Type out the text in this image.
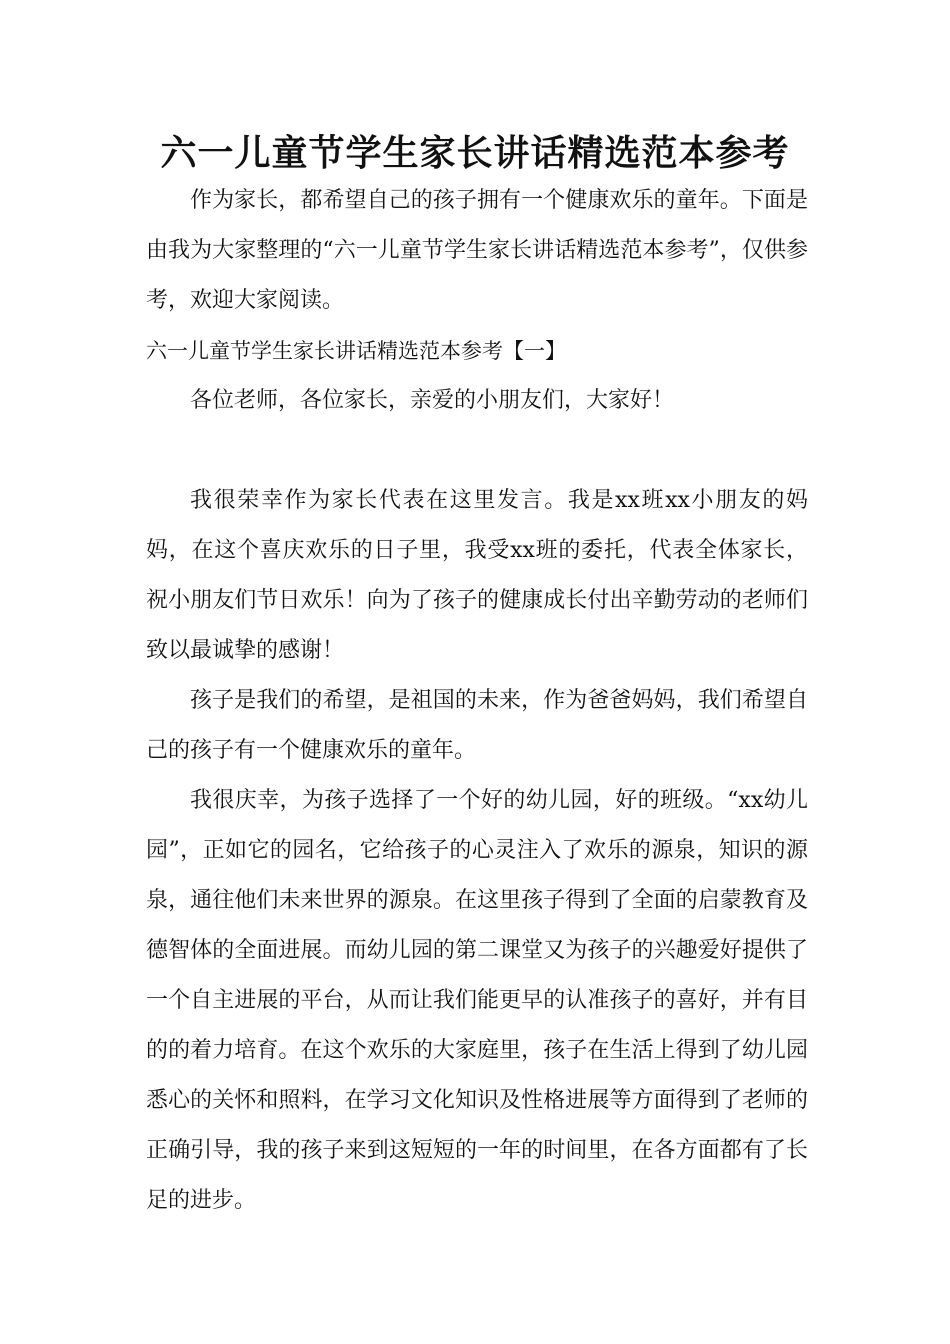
六一儿童节学生家长讲话精选范本参考

作为家长，都希望自己的孩子拥有一个健康欢乐的童年。下面是由我为大家整理的“六一儿童节学生家长讲话精选范本参考”，仅供参考，欢迎大家阅读。

六一儿童节学生家长讲话精选范本参考【一】

各位老师，各位家长，亲爱的小朋友们，大家好！

我很荣幸作为家长代表在这里发言。我是xx班xx小朋友的妈妈，在这个喜庆欢乐的日子里，我受xx班的委托，代表全体家长，祝小朋友们节日欢乐！向为了孩子的健康成长付出辛勤劳动的老师们致以最诚挚的感谢！

孩子是我们的希望，是祖国的未来，作为爸爸妈妈，我们希望自己的孩子有一个健康欢乐的童年。

我很庆幸，为孩子选择了一个好的幼儿园，好的班级。“xx幼儿园”，正如它的园名，它给孩子的心灵注入了欢乐的源泉，知识的源泉，通往他们未来世界的源泉。在这里孩子得到了全面的启蒙教育及德智体的全面进展。而幼儿园的第二课堂又为孩子的兴趣爱好提供了一个自主进展的平台，从而让我们能更早的认准孩子的喜好，并有目的的着力培育。在这个欢乐的大家庭里，孩子在生活上得到了幼儿园悉心的关怀和照料，在学习文化知识及性格进展等方面得到了老师的正确引导，我的孩子来到这短短的一年的时间里，在各方面都有了长足的进步。
